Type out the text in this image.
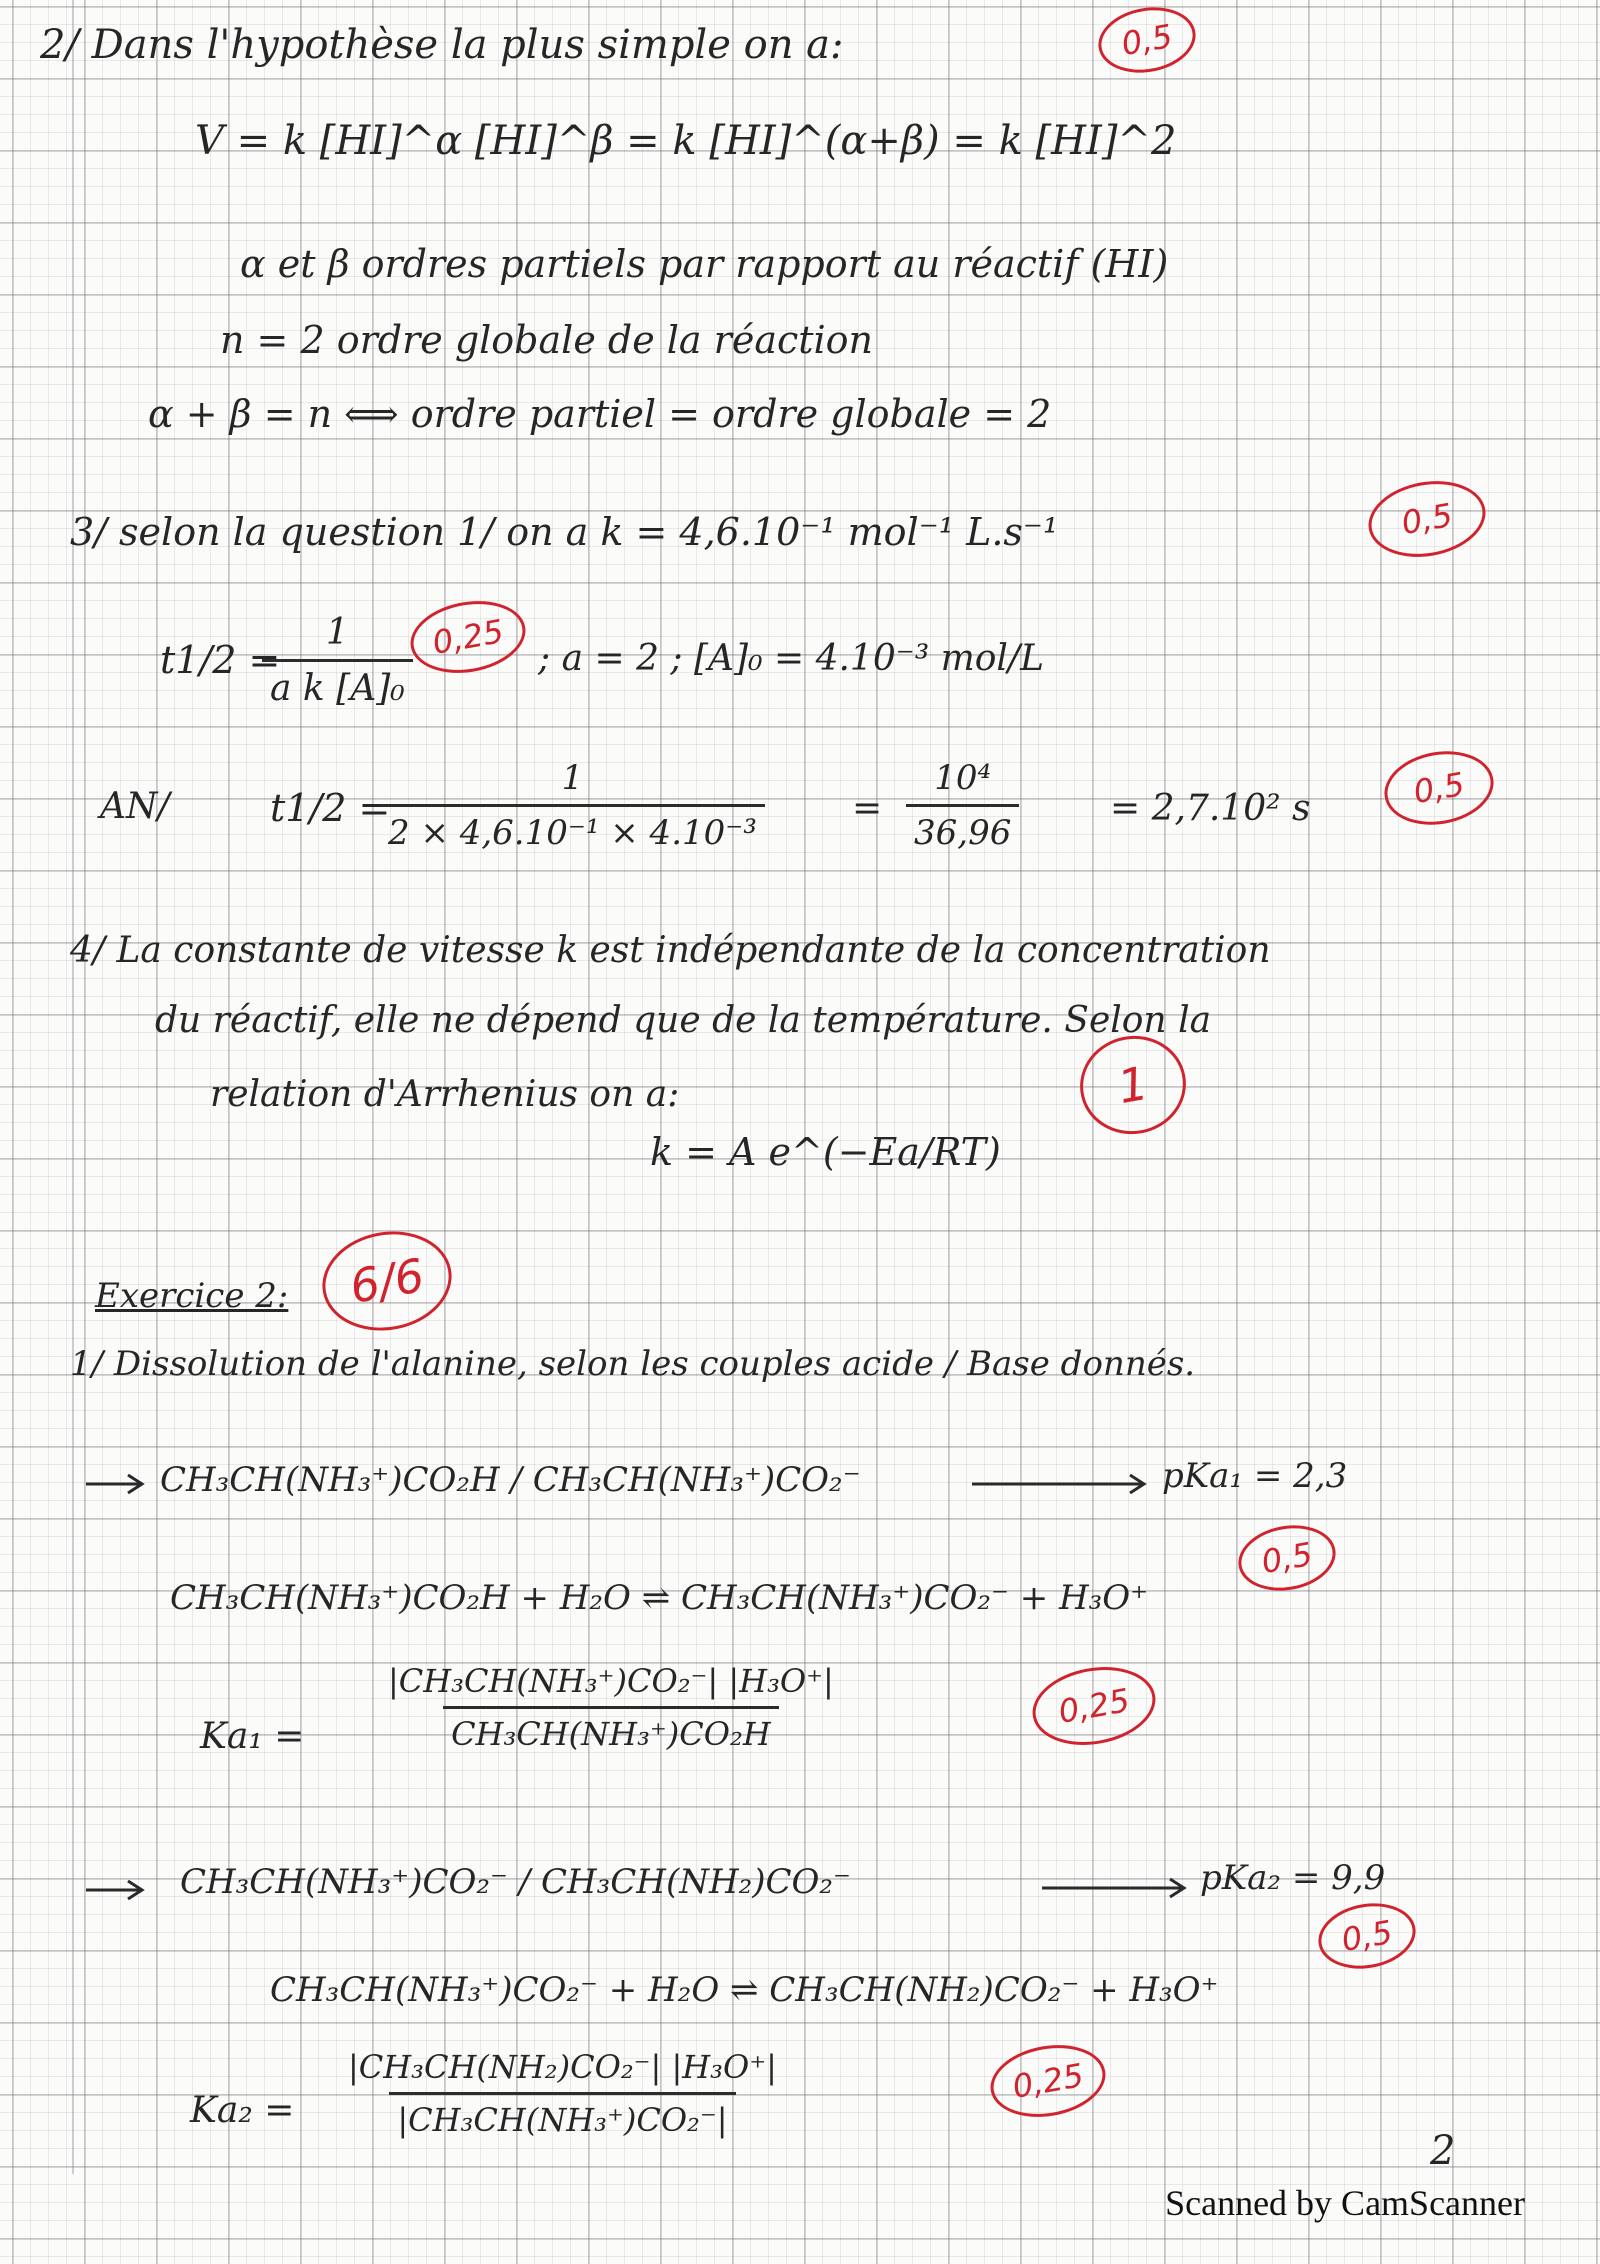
2/ Dans l'hypothèse la plus simple on a:	0,5
V = k [HI]^α [HI]^β = k [HI]^(α+β) = k [HI]^2
α et β ordres partiels par rapport au réactif (HI)
n = 2 ordre globale de la réaction
α + β = n ⟺ ordre partiel = ordre globale = 2
3/ selon la question 1/ on a k = 4,6.10⁻¹ mol⁻¹ L.s⁻¹	0,5
t1/2 =
$\frac{1}{\text{a k [A]₀}} 0,25$ ; a = 2 ; [A]₀ = 4.10⁻³ mol/L
AN/	t1/2 =
$\frac{1}{\text{2 × 4,6.10⁻¹ × 4.10⁻³}} = \frac{\text{10⁴}}{36,96}$	= 2,7.10² s	0,5
4/ La constante de vitesse k est indépendante de la concentration
du réactif, elle ne dépend que de la température. Selon la
relation d'Arrhenius on a:
k = A e^(−Ea/RT)
1
Exercice 2:	6/6
1/ Dissolution de l'alanine, selon les couples acide / Base donnés.
CH₃CH(NH₃⁺)CO₂H / CH₃CH(NH₃⁺)CO₂⁻	pKa₁ = 2,3
CH₃CH(NH₃⁺)CO₂H + H₂O ⇌ CH₃CH(NH₃⁺)CO₂⁻ + H₃O⁺
0,5
$Ka_1 = \frac{\text{|CH₃CH(NH₃⁺)CO₂⁻| |H₃O⁺|}}{\text{CH₃CH(NH₃⁺)CO₂H}}$	0,25
CH₃CH(NH₃⁺)CO₂⁻ / CH₃CH(NH₂)CO₂⁻	pKa₂ = 9,9
0,5
CH₃CH(NH₃⁺)CO₂⁻ + H₂O ⇌ CH₃CH(NH₂)CO₂⁻ + H₃O⁺
$Ka_2 = \frac{\text{|CH₃CH(NH₂)CO₂⁻| |H₃O⁺|}}{\text{|CH₃CH(NH₃⁺)CO₂⁻|}}$	0,25
2
Scanned by CamScanner
